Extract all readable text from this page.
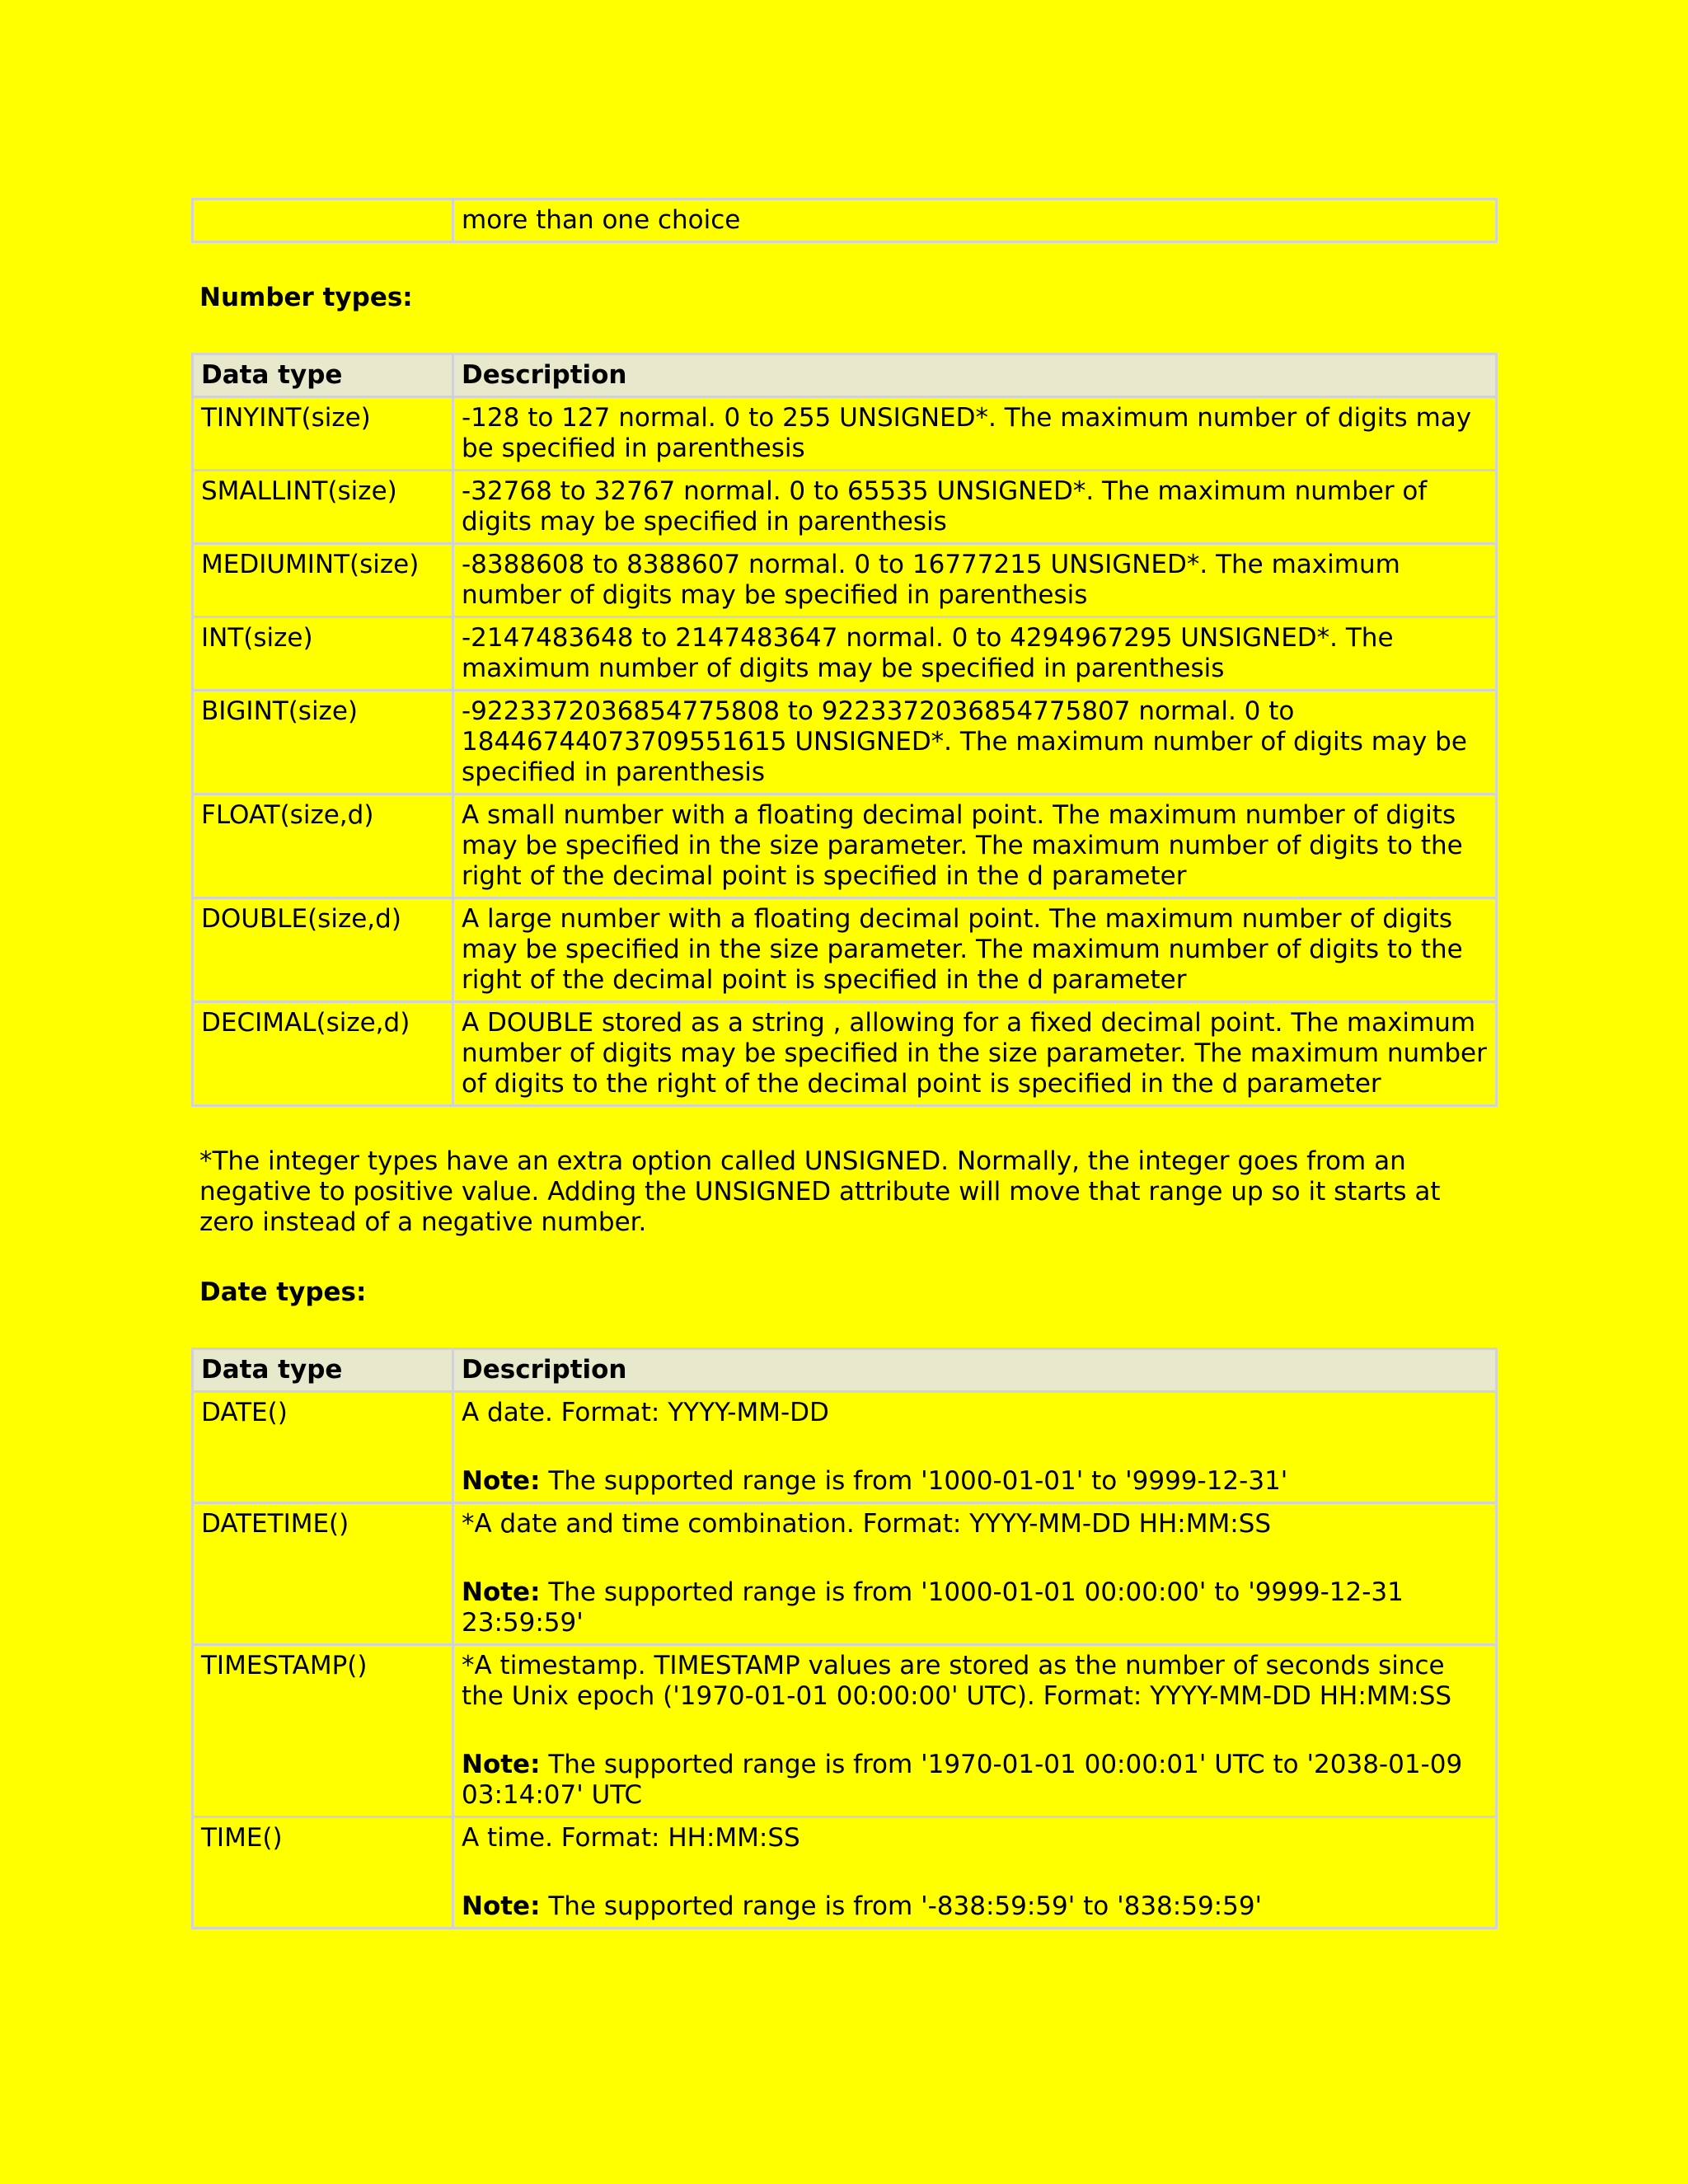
	more than one choice

Number types:

Data type	Description
TINYINT(size)	-128 to 127 normal. 0 to 255 UNSIGNED*. The maximum number of digits may be specified in parenthesis
SMALLINT(size)	-32768 to 32767 normal. 0 to 65535 UNSIGNED*. The maximum number of digits may be specified in parenthesis
MEDIUMINT(size)	-8388608 to 8388607 normal. 0 to 16777215 UNSIGNED*. The maximum number of digits may be specified in parenthesis
INT(size)	-2147483648 to 2147483647 normal. 0 to 4294967295 UNSIGNED*. The maximum number of digits may be specified in parenthesis
BIGINT(size)	-9223372036854775808 to 9223372036854775807 normal. 0 to 18446744073709551615 UNSIGNED*. The maximum number of digits may be specified in parenthesis
FLOAT(size,d)	A small number with a floating decimal point. The maximum number of digits may be specified in the size parameter. The maximum number of digits to the right of the decimal point is specified in the d parameter
DOUBLE(size,d)	A large number with a floating decimal point. The maximum number of digits may be specified in the size parameter. The maximum number of digits to the right of the decimal point is specified in the d parameter
DECIMAL(size,d)	A DOUBLE stored as a string , allowing for a fixed decimal point. The maximum number of digits may be specified in the size parameter. The maximum number of digits to the right of the decimal point is specified in the d parameter

*The integer types have an extra option called UNSIGNED. Normally, the integer goes from an negative to positive value. Adding the UNSIGNED attribute will move that range up so it starts at zero instead of a negative number.

Date types:

Data type	Description
DATE()	A date. Format: YYYY-MM-DD
Note: The supported range is from '1000-01-01' to '9999-12-31'

DATETIME()	*A date and time combination. Format: YYYY-MM-DD HH:MM:SS
Note: The supported range is from '1000-01-01 00:00:00' to '9999-12-31 23:59:59'

TIMESTAMP()	*A timestamp. TIMESTAMP values are stored as the number of seconds since the Unix epoch ('1970-01-01 00:00:00' UTC). Format: YYYY-MM-DD HH:MM:SS
Note: The supported range is from '1970-01-01 00:00:01' UTC to '2038-01-09 03:14:07' UTC

TIME()	A time. Format: HH:MM:SS
Note: The supported range is from '-838:59:59' to '838:59:59'
